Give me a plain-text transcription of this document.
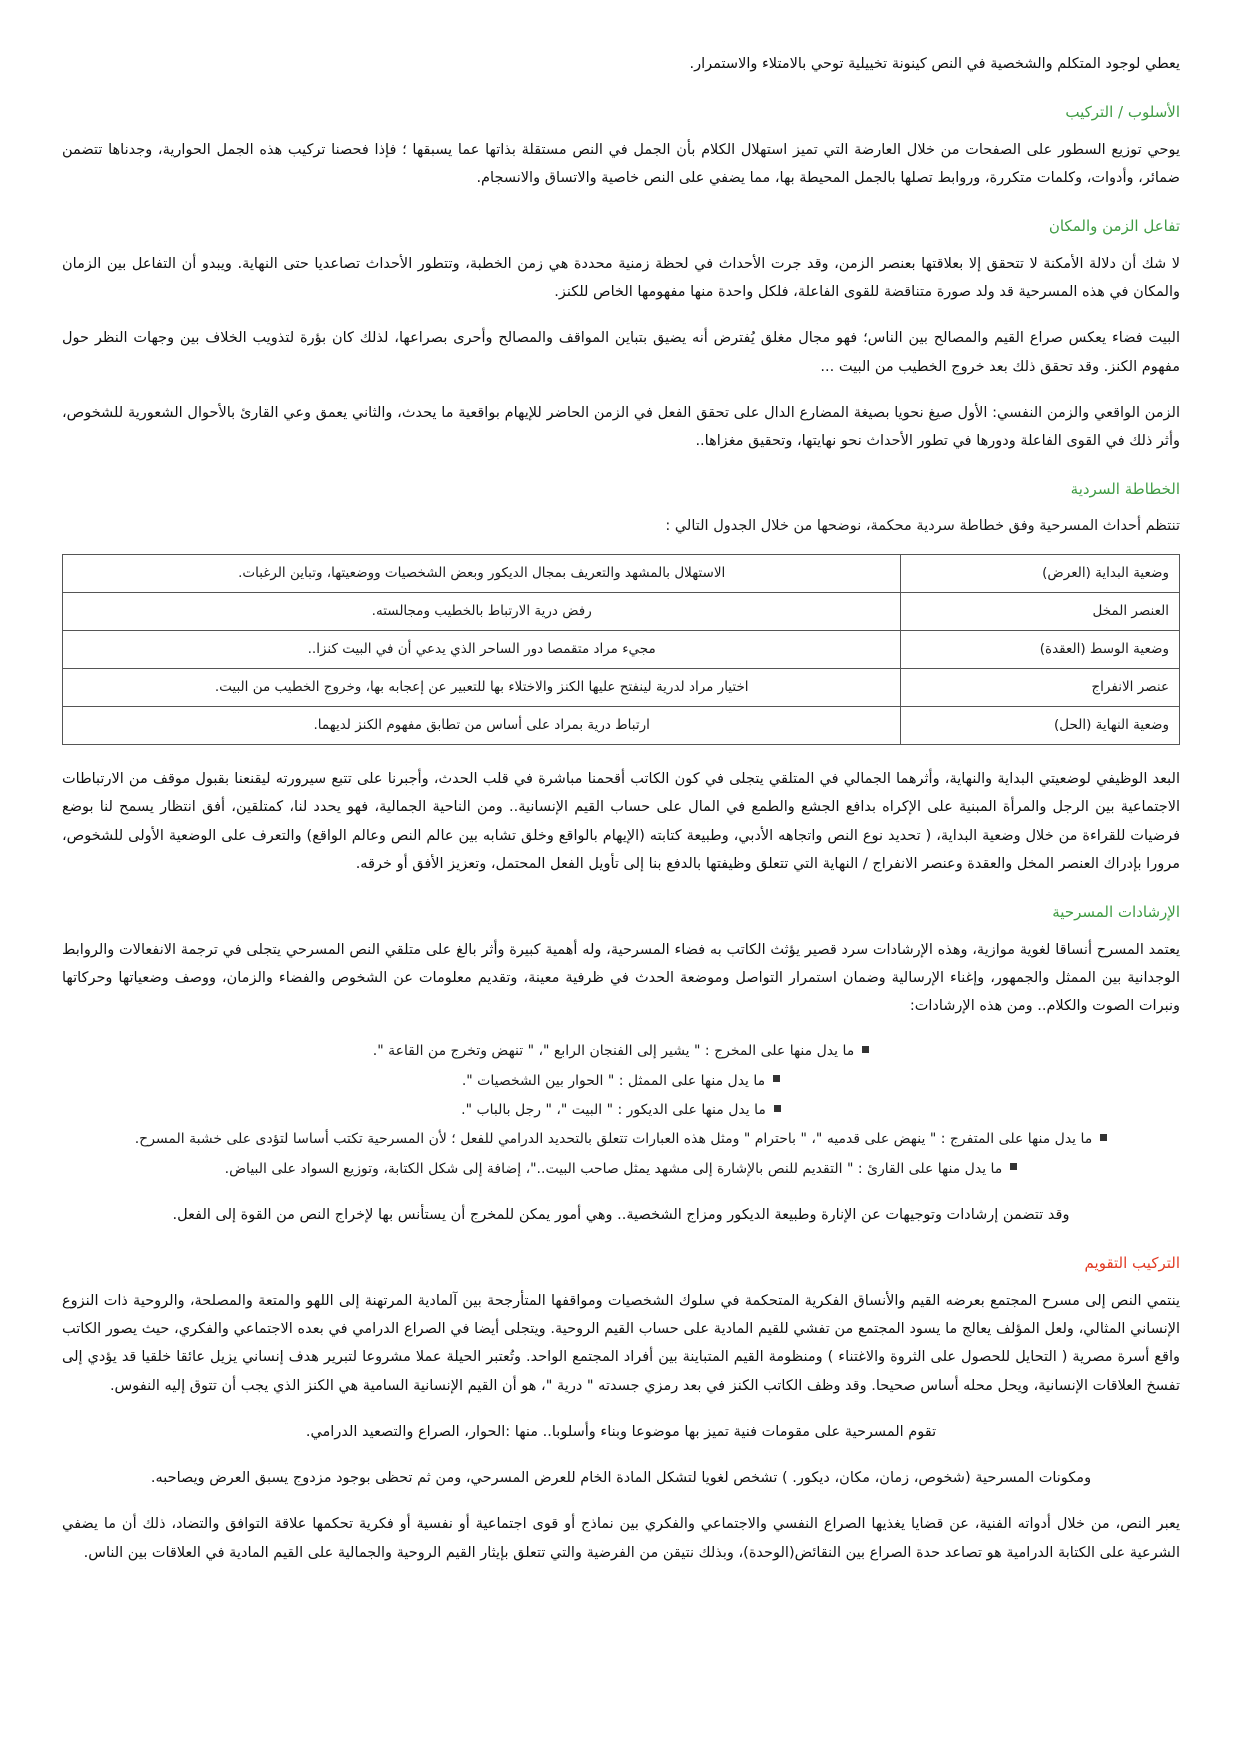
يعطي لوجود المتكلم والشخصية في النص كينونة تخييلية توحي بالامتلاء والاستمرار.

الأسلوب / التركيب

يوحي توزيع السطور على الصفحات من خلال العارضة التي تميز استهلال الكلام بأن الجمل في النص مستقلة بذاتها عما يسبقها ؛ فإذا فحصنا تركيب هذه الجمل الحوارية، وجدناها تتضمن ضمائر، وأدوات، وكلمات متكررة، وروابط تصلها بالجمل المحيطة بها، مما يضفي على النص خاصية والاتساق والانسجام.

تفاعل الزمن والمكان

لا شك أن دلالة الأمكنة لا تتحقق إلا بعلاقتها بعنصر الزمن، وقد جرت الأحداث في لحظة زمنية محددة هي زمن الخطبة، وتتطور الأحداث تصاعديا حتى النهاية. ويبدو أن التفاعل بين الزمان والمكان في هذه المسرحية قد ولد صورة متناقضة للقوى الفاعلة، فلكل واحدة منها مفهومها الخاص للكنز.

البيت فضاء يعكس صراع القيم والمصالح بين الناس؛ فهو مجال مغلق يُفترض أنه يضيق بتباين المواقف والمصالح وأحرى بصراعها، لذلك كان بؤرة لتذويب الخلاف بين وجهات النظر حول مفهوم الكنز. وقد تحقق ذلك بعد خروج الخطيب من البيت ...

الزمن الواقعي والزمن النفسي: الأول صيغ نحويا بصيغة المضارع الدال على تحقق الفعل في الزمن الحاضر للإيهام بواقعية ما يحدث، والثاني يعمق وعي القارئ بالأحوال الشعورية للشخوص، وأثر ذلك في القوى الفاعلة ودورها في تطور الأحداث نحو نهايتها، وتحقيق مغزاها..

الخطاطة السردية

تنتظم أحداث المسرحية وفق خطاطة سردية محكمة، نوضحها من خلال الجدول التالي :

وضعية البداية (العرض)	الاستهلال بالمشهد والتعريف بمجال الديكور وبعض الشخصيات ووضعيتها، وتباين الرغبات.
العنصر المخل	رفض درية الارتباط بالخطيب ومجالسته.
وضعية الوسط (العقدة)	مجيء مراد متقمصا دور الساحر الذي يدعي أن في البيت كنزا..
عنصر الانفراج	اختيار مراد لدرية لينفتح عليها الكنز والاختلاء بها للتعبير عن إعجابه بها، وخروج الخطيب من البيت.
وضعية النهاية (الحل)	ارتباط درية بمراد على أساس من تطابق مفهوم الكنز لديهما.

البعد الوظيفي لوضعيتي البداية والنهاية، وأثرهما الجمالي في المتلقي يتجلى في كون الكاتب أقحمنا مباشرة في قلب الحدث، وأجبرنا على تتبع سيرورته ليقنعنا بقبول موقف من الارتباطات الاجتماعية بين الرجل والمرأة المبنية على الإكراه بدافع الجشع والطمع في المال على حساب القيم الإنسانية.. ومن الناحية الجمالية، فهو يحدد لنا، كمتلقين، أفق انتظار يسمح لنا بوضع فرضيات للقراءة من خلال وضعية البداية، ( تحديد نوع النص واتجاهه الأدبي، وطبيعة كتابته (الإيهام بالواقع وخلق تشابه بين عالم النص وعالم الواقع) والتعرف على الوضعية الأولى للشخوص، مرورا بإدراك العنصر المخل والعقدة وعنصر الانفراج / النهاية التي تتعلق وظيفتها بالدفع بنا إلى تأويل الفعل المحتمل، وتعزيز الأفق أو خرقه.

الإرشادات المسرحية

يعتمد المسرح أنساقا لغوية موازية، وهذه الإرشادات سرد قصير يؤثث الكاتب به فضاء المسرحية، وله أهمية كبيرة وأثر بالغ على متلقي النص المسرحي يتجلى في ترجمة الانفعالات والروابط الوجدانية بين الممثل والجمهور، وإغناء الإرسالية وضمان استمرار التواصل وموضعة الحدث في ظرفية معينة، وتقديم معلومات عن الشخوص والفضاء والزمان، ووصف وضعياتها وحركاتها ونبرات الصوت والكلام.. ومن هذه الإرشادات:

ما يدل منها على المخرج : " يشير إلى الفنجان الرابع "، " تنهض وتخرج من القاعة ".
ما يدل منها على الممثل : " الحوار بين الشخصيات ".
ما يدل منها على الديكور : " البيت "، " رجل بالباب ".
ما يدل منها على المتفرج : " ينهض على قدميه "، " باحترام " ومثل هذه العبارات تتعلق بالتحديد الدرامي للفعل ؛ لأن المسرحية تكتب أساسا لتؤدى على خشبة المسرح.
ما يدل منها على القارئ : " التقديم للنص بالإشارة إلى مشهد يمثل صاحب البيت.."، إضافة إلى شكل الكتابة، وتوزيع السواد على البياض.

وقد تتضمن إرشادات وتوجيهات عن الإنارة وطبيعة الديكور ومزاج الشخصية.. وهي أمور يمكن للمخرج أن يستأنس بها لإخراج النص من القوة إلى الفعل.

التركيب التقويم

ينتمي النص إلى مسرح المجتمع بعرضه القيم والأنساق الفكرية المتحكمة في سلوك الشخصيات ومواقفها المتأرجحة بين آلمادية المرتهنة إلى اللهو والمتعة والمصلحة، والروحية ذات النزوع الإنساني المثالي، ولعل المؤلف يعالج ما يسود المجتمع من تفشي للقيم المادية على حساب القيم الروحية. ويتجلى أيضا في الصراع الدرامي في بعده الاجتماعي والفكري، حيث يصور الكاتب واقع أسرة مصرية ( التحايل للحصول على الثروة والاغتناء ) ومنظومة القيم المتباينة بين أفراد المجتمع الواحد. وتُعتبر الحيلة عملا مشروعا لتبرير هدف إنساني يزيل عائقا خلقيا قد يؤدي إلى تفسخ العلاقات الإنسانية، ويحل محله أساس صحيحا. وقد وظف الكاتب الكنز في بعد رمزي جسدته " درية "، هو أن القيم الإنسانية السامية هي الكنز الذي يجب أن تتوق إليه النفوس.

تقوم المسرحية على مقومات فنية تميز بها موضوعا وبناء وأسلوبا.. منها :الحوار، الصراع والتصعيد الدرامي.

ومكونات المسرحية (شخوص، زمان، مكان، ديكور. ) تشخص لغويا لتشكل المادة الخام للعرض المسرحي، ومن ثم تحظى بوجود مزدوج يسبق العرض ويصاحبه.

يعبر النص، من خلال أدواته الفنية، عن قضايا يغذيها الصراع النفسي والاجتماعي والفكري بين نماذج أو قوى اجتماعية أو نفسية أو فكرية تحكمها علاقة التوافق والتضاد، ذلك أن ما يضفي الشرعية على الكتابة الدرامية هو تصاعد حدة الصراع بين النقائض(الوحدة)، وبذلك نتيقن من الفرضية والتي تتعلق بإيثار القيم الروحية والجمالية على القيم المادية في العلاقات بين الناس.
